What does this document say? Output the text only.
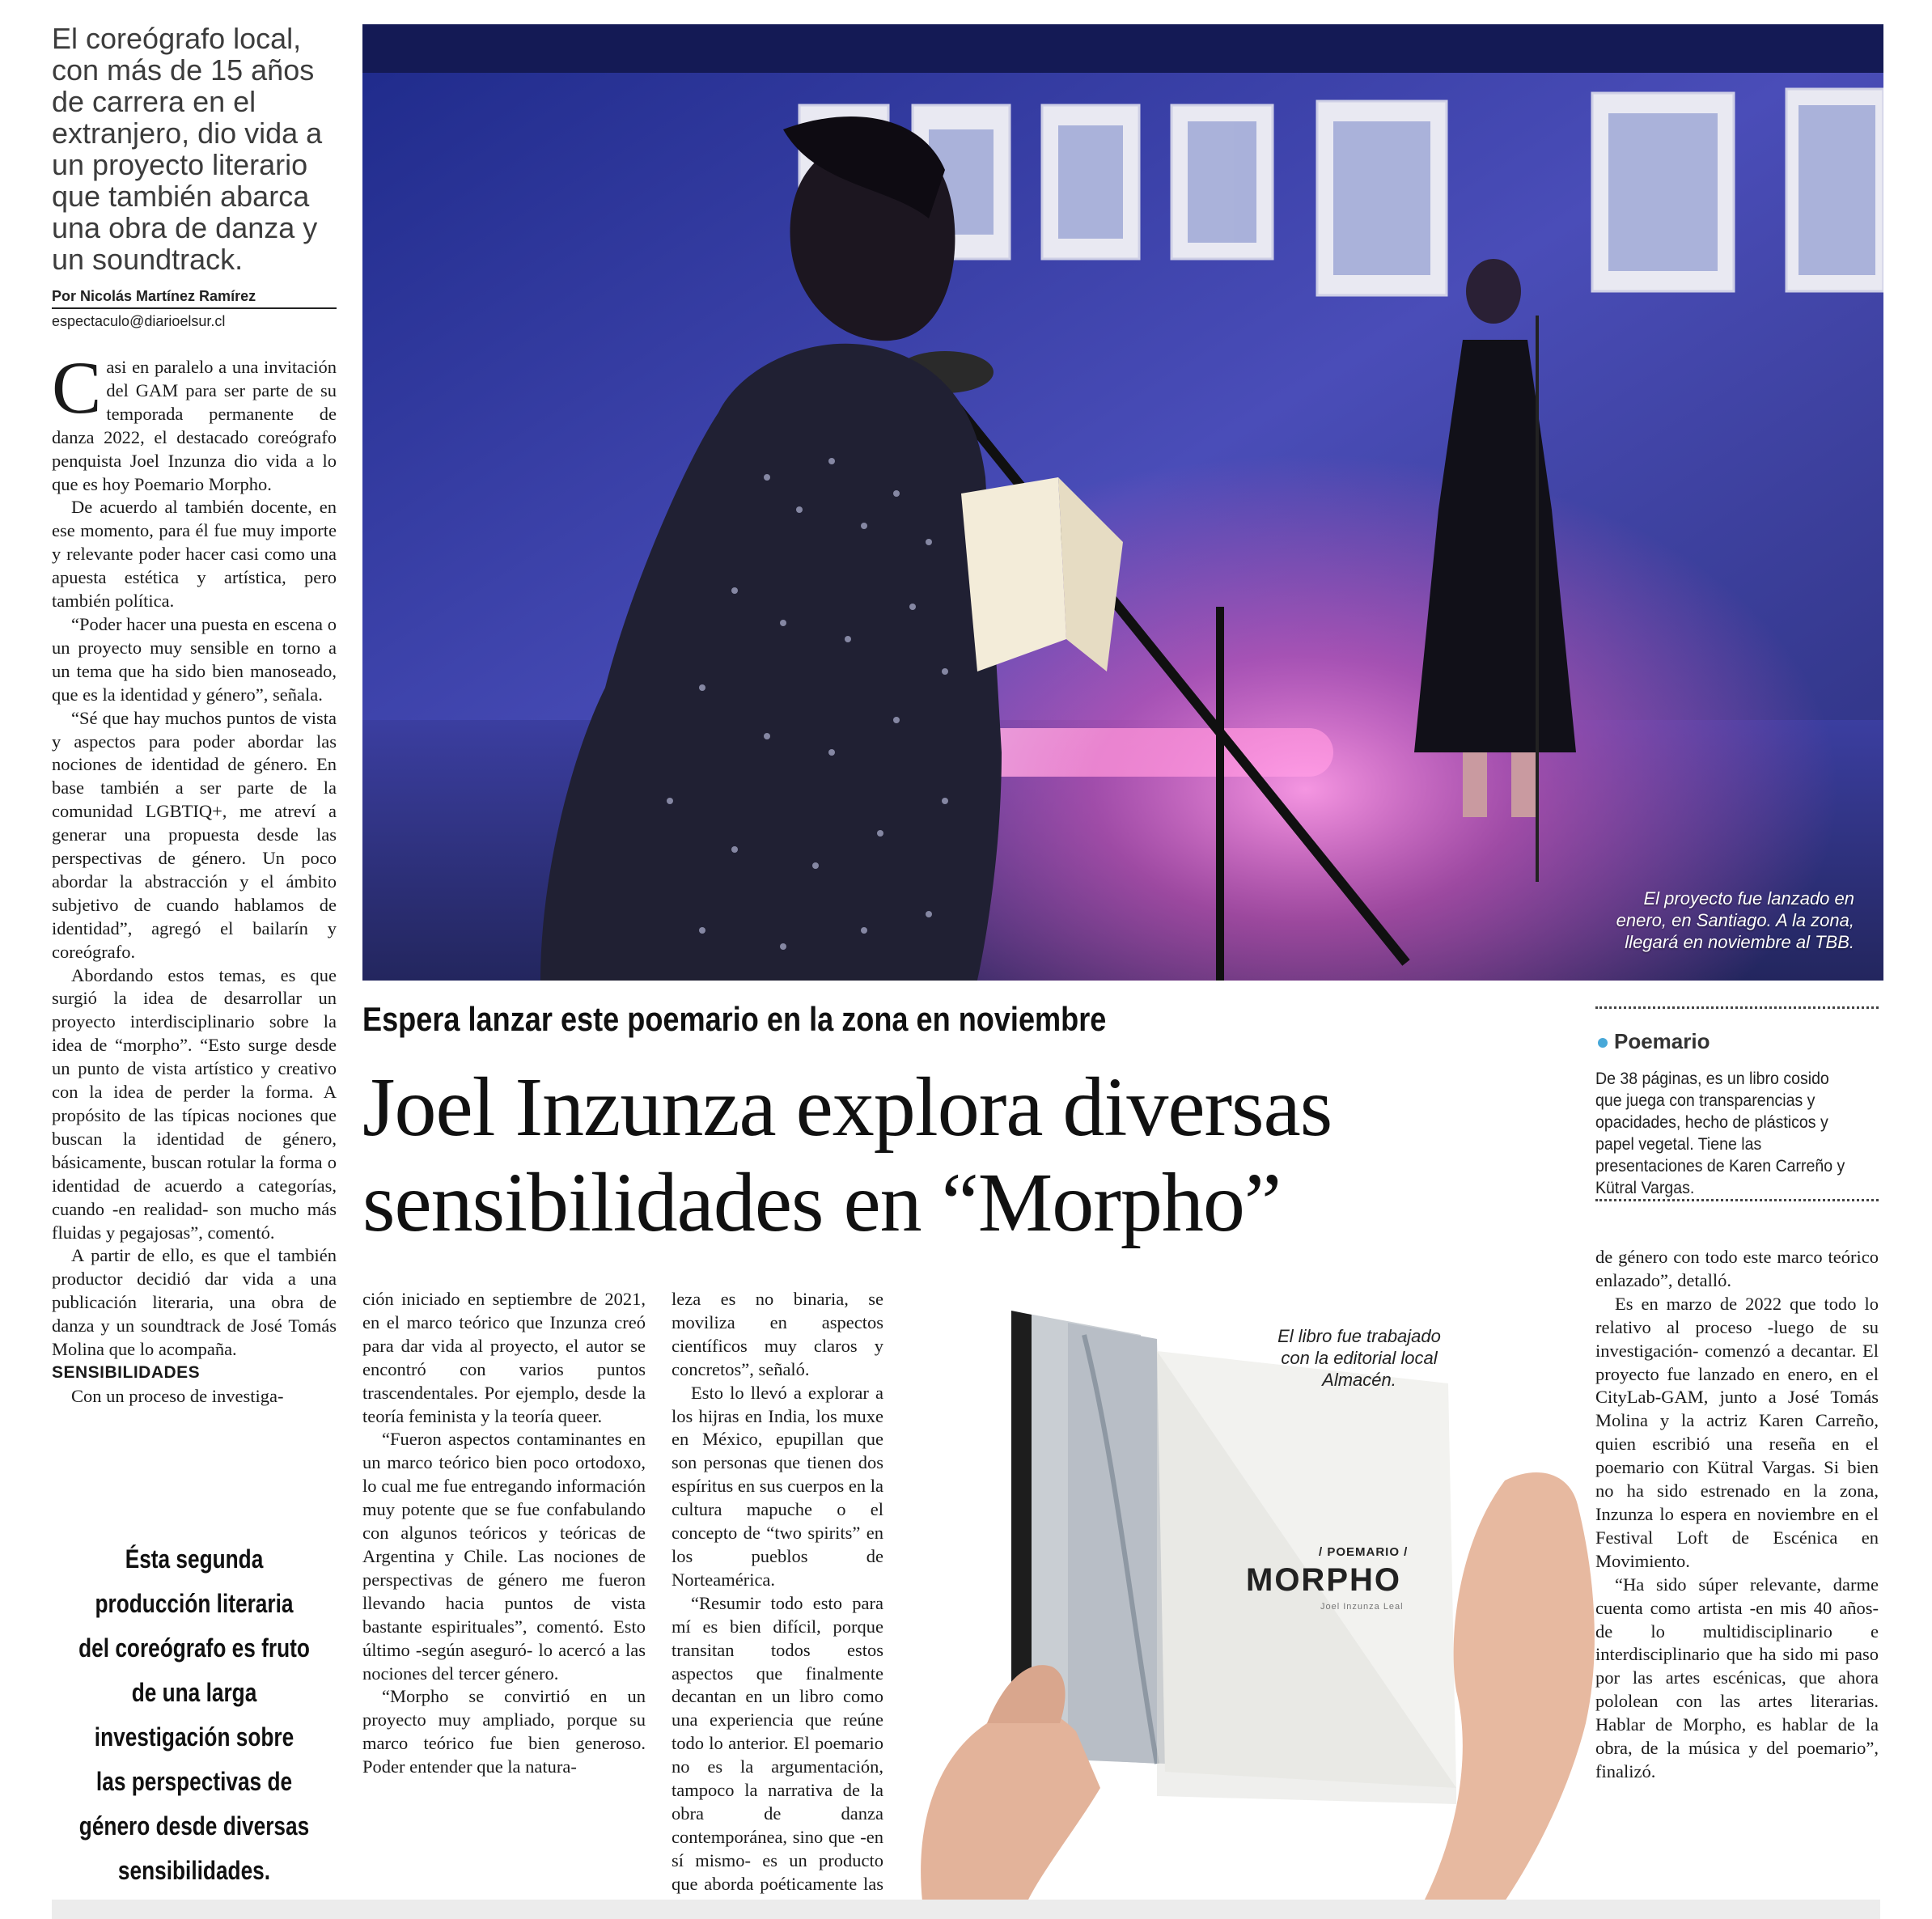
El coreógrafo local, con más de 15 años de carrera en el extranjero, dio vida a un proyecto literario que también abarca una obra de danza y un soundtrack.
Por Nicolás Martínez Ramírez
espectaculo@diarioelsur.cl

Casi en paralelo a una invitación del GAM para ser parte de su temporada permanente de danza 2022, el destacado coreógrafo penquista Joel Inzunza dio vida a lo que es hoy Poemario Morpho.

De acuerdo al también docente, en ese momento, para él fue muy importe y relevante poder hacer casi como una apuesta estética y artística, pero también política.

“Poder hacer una puesta en escena o un proyecto muy sensible en torno a un tema que ha sido bien manoseado, que es la identidad y género”, señala.

“Sé que hay muchos puntos de vista y aspectos para poder abordar las nociones de identidad de género. En base también a ser parte de la comunidad LGBTIQ+, me atreví a generar una propuesta desde las perspectivas de género. Un poco abordar la abstracción y el ámbito subjetivo de cuando hablamos de identidad”, agregó el bailarín y coreógrafo.

Abordando estos temas, es que surgió la idea de desarrollar un proyecto interdisciplinario sobre la idea de “morpho”. “Esto surge desde un punto de vista artístico y creativo con la idea de perder la forma. A propósito de las típicas nociones que buscan la identidad de género, básicamente, buscan rotular la forma o identidad de acuerdo a categorías, cuando -en realidad- son mucho más fluidas y pegajosas”, comentó.

A partir de ello, es que el también productor decidió dar vida a una publicación literaria, una obra de danza y un soundtrack de José Tomás Molina que lo acompaña.

SENSIBILIDADES

Con un proceso de investiga-

Ésta segunda producción literaria del coreógrafo es fruto de una larga investigación sobre las perspectivas de género desde diversas sensibilidades.
El proyecto fue lanzado en enero, en Santiago. A la zona, llegará en noviembre al TBB.
Espera lanzar este poemario en la zona en noviembre
Joel Inzunza explora diversas sensibilidades en “Morpho”
Poemario
De 38 páginas, es un libro cosido que juega con transparencias y opacidades, hecho de plásticos y papel vegetal. Tiene las presentaciones de Karen Carreño y Kütral Vargas.

ción iniciado en septiembre de 2021, en el marco teórico que Inzunza creó para dar vida al proyecto, el autor se encontró con varios puntos trascendentales. Por ejemplo, desde la teoría feminista y la teoría queer.

“Fueron aspectos contaminantes en un marco teórico bien poco ortodoxo, lo cual me fue entregando información muy potente que se fue confabulando con algunos teóricos y teóricas de Argentina y Chile. Las nociones de perspectivas de género me fueron llevando hacia puntos de vista bastante espirituales”, comentó. Esto último -según aseguró- lo acercó a las nociones del tercer género.

“Morpho se convirtió en un proyecto muy ampliado, porque su marco teórico fue bien generoso. Poder entender que la natura-

leza es no binaria, se moviliza en aspectos científicos muy claros y concretos”, señaló.

Esto lo llevó a explorar a los hijras en India, los muxe en México, epupillan que son personas que tienen dos espíritus en sus cuerpos en la cultura mapuche o el concepto de “two spirits” en los pueblos de Norteamérica.

“Resumir todo esto para mí es bien difícil, porque transitan todos estos aspectos que finalmente decantan en un libro como una experiencia que reúne todo lo anterior. El poemario no es la argumentación, tampoco la narrativa de la obra de danza contemporánea, sino que -en sí mismo- es un producto que aborda poéticamente las

/ POEMARIO /
MORPHO
Joel Inzunza Leal
El libro fue trabajado con la editorial local Almacén.

de género con todo este marco teórico enlazado”, detalló.

Es en marzo de 2022 que todo lo relativo al proceso -luego de su investigación- comenzó a decantar. El proyecto fue lanzado en enero, en el CityLab-GAM, junto a José Tomás Molina y la actriz Karen Carreño, quien escribió una reseña en el poemario con Kütral Vargas. Si bien no ha sido estrenado en la zona, Inzunza lo espera en noviembre en el Festival Loft de Escénica en Movimiento.

“Ha sido súper relevante, darme cuenta como artista -en mis 40 años- de lo multidisciplinario e interdisciplinario que ha sido mi paso por las artes escénicas, que ahora pololean con las artes literarias. Hablar de Morpho, es hablar de la obra, de la música y del poemario”, finalizó.
